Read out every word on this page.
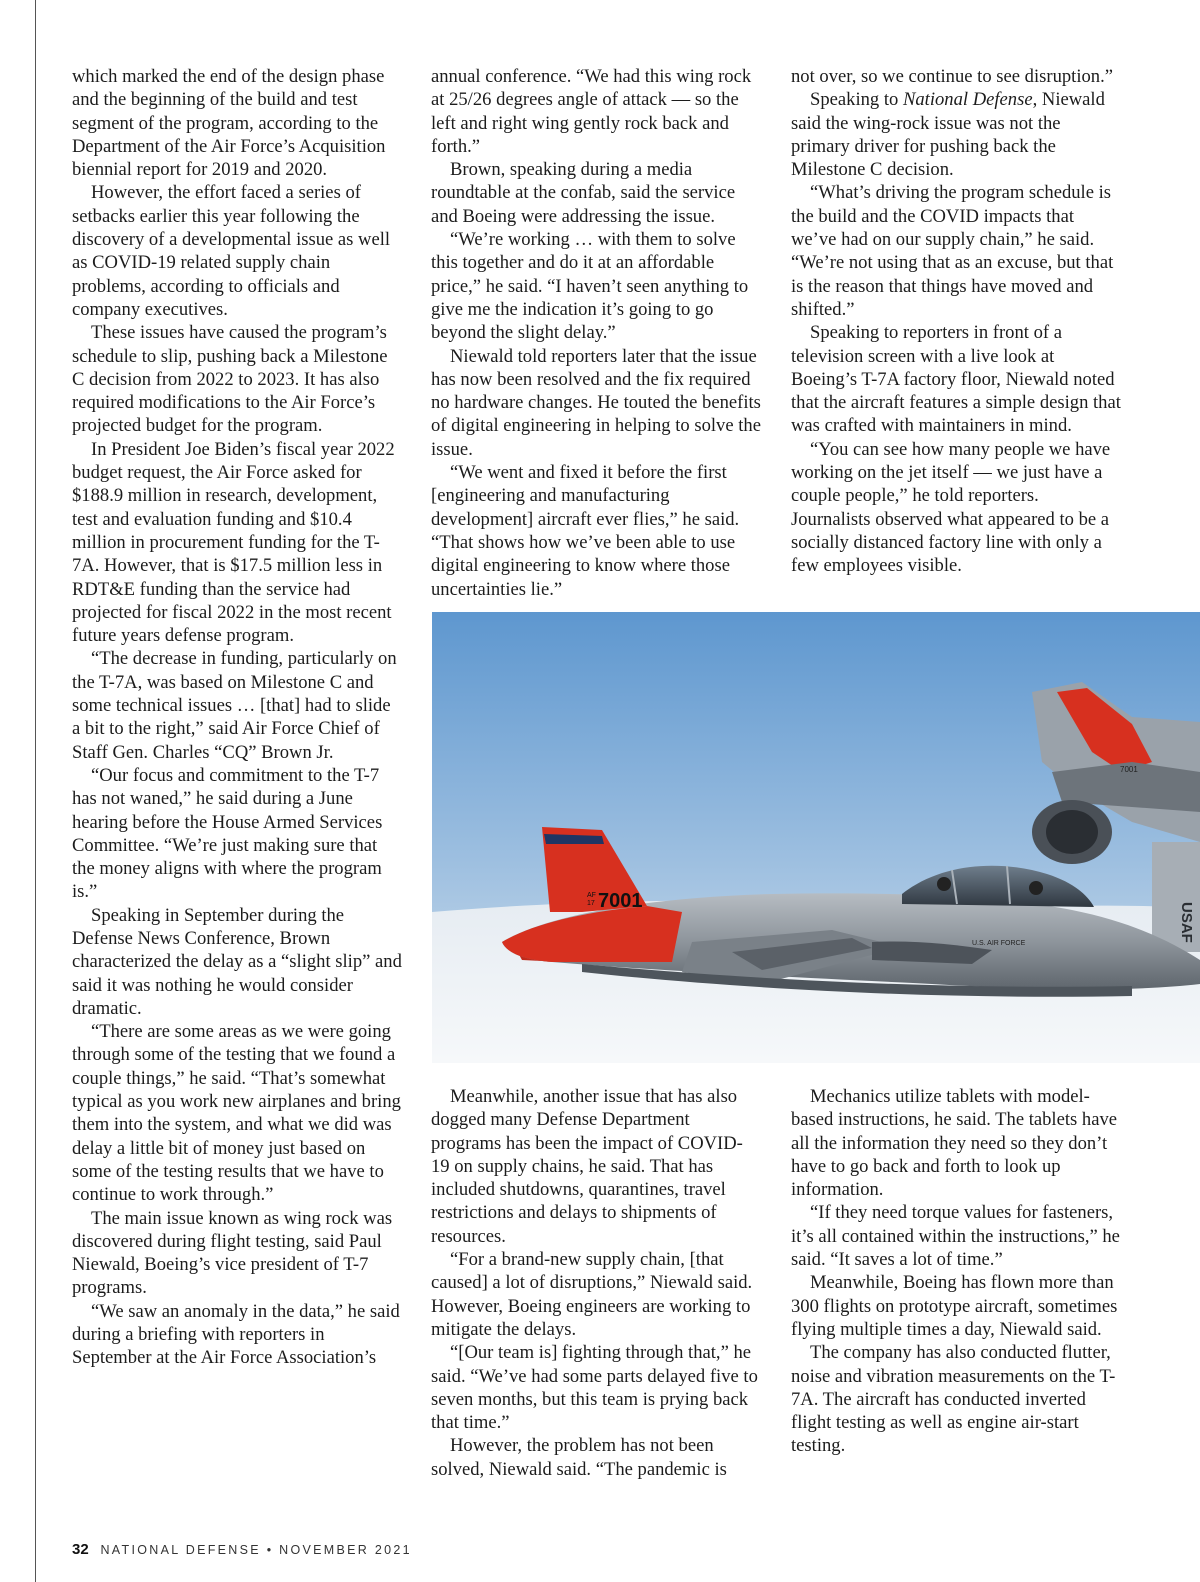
which marked the end of the design phase and the beginning of the build and test segment of the program, according to the Department of the Air Force’s Acquisition biennial report for 2019 and 2020.

However, the effort faced a series of setbacks earlier this year following the discovery of a developmental issue as well as COVID-19 related supply chain problems, according to officials and company executives.

These issues have caused the program’s schedule to slip, pushing back a Milestone C decision from 2022 to 2023. It has also required modifications to the Air Force’s projected budget for the program.

In President Joe Biden’s fiscal year 2022 budget request, the Air Force asked for $188.9 million in research, development, test and evaluation funding and $10.4 million in procurement funding for the T-7A. However, that is $17.5 million less in RDT&E funding than the service had projected for fiscal 2022 in the most recent future years defense program.

“The decrease in funding, particularly on the T-7A, was based on Milestone C and some technical issues … [that] had to slide a bit to the right,” said Air Force Chief of Staff Gen. Charles “CQ” Brown Jr.

“Our focus and commitment to the T-7 has not waned,” he said during a June hearing before the House Armed Services Committee. “We’re just making sure that the money aligns with where the program is.”

Speaking in September during the Defense News Conference, Brown characterized the delay as a “slight slip” and said it was nothing he would consider dramatic.

“There are some areas as we were going through some of the testing that we found a couple things,” he said. “That’s somewhat typical as you work new airplanes and bring them into the system, and what we did was delay a little bit of money just based on some of the testing results that we have to continue to work through.”

The main issue known as wing rock was discovered during flight testing, said Paul Niewald, Boeing’s vice president of T-7 programs.

“We saw an anomaly in the data,” he said during a briefing with reporters in September at the Air Force Association’s

annual conference. “We had this wing rock at 25/26 degrees angle of attack — so the left and right wing gently rock back and forth.”

Brown, speaking during a media roundtable at the confab, said the service and Boeing were addressing the issue.

“We’re working … with them to solve this together and do it at an affordable price,” he said. “I haven’t seen anything to give me the indication it’s going to go beyond the slight delay.”

Niewald told reporters later that the issue has now been resolved and the fix required no hardware changes. He touted the benefits of digital engineering in helping to solve the issue.

“We went and fixed it before the first [engineering and manufacturing development] aircraft ever flies,” he said. “That shows how we’ve been able to use digital engineering to know where those uncertainties lie.”

not over, so we continue to see disruption.”

Speaking to National Defense, Niewald said the wing-rock issue was not the primary driver for pushing back the Milestone C decision.

“What’s driving the program schedule is the build and the COVID impacts that we’ve had on our supply chain,” he said. “We’re not using that as an excuse, but that is the reason that things have moved and shifted.”

Speaking to reporters in front of a television screen with a live look at Boeing’s T-7A factory floor, Niewald noted that the aircraft features a simple design that was crafted with maintainers in mind.

“You can see how many people we have working on the jet itself — we just have a couple people,” he told reporters. Journalists observed what appeared to be a socially distanced factory line with only a few employees visible.

Meanwhile, another issue that has also dogged many Defense Department programs has been the impact of COVID-19 on supply chains, he said. That has included shutdowns, quarantines, travel restrictions and delays to shipments of resources.

“For a brand-new supply chain, [that caused] a lot of disruptions,” Niewald said. However, Boeing engineers are working to mitigate the delays.

“[Our team is] fighting through that,” he said. “We’ve had some parts delayed five to seven months, but this team is prying back that time.”

However, the problem has not been solved, Niewald said. “The pandemic is

Mechanics utilize tablets with model-based instructions, he said. The tablets have all the information they need so they don’t have to go back and forth to look up information.

“If they need torque values for fasteners, it’s all contained within the instructions,” he said. “It saves a lot of time.”

Meanwhile, Boeing has flown more than 300 flights on prototype aircraft, sometimes flying multiple times a day, Niewald said.

The company has also conducted flutter, noise and vibration measurements on the T-7A. The aircraft has conducted inverted flight testing as well as engine air-start testing.

USAF
7001
AF
17 7001
U.S. AIR FORCE
32 NATIONAL DEFENSE • NOVEMBER 2021
